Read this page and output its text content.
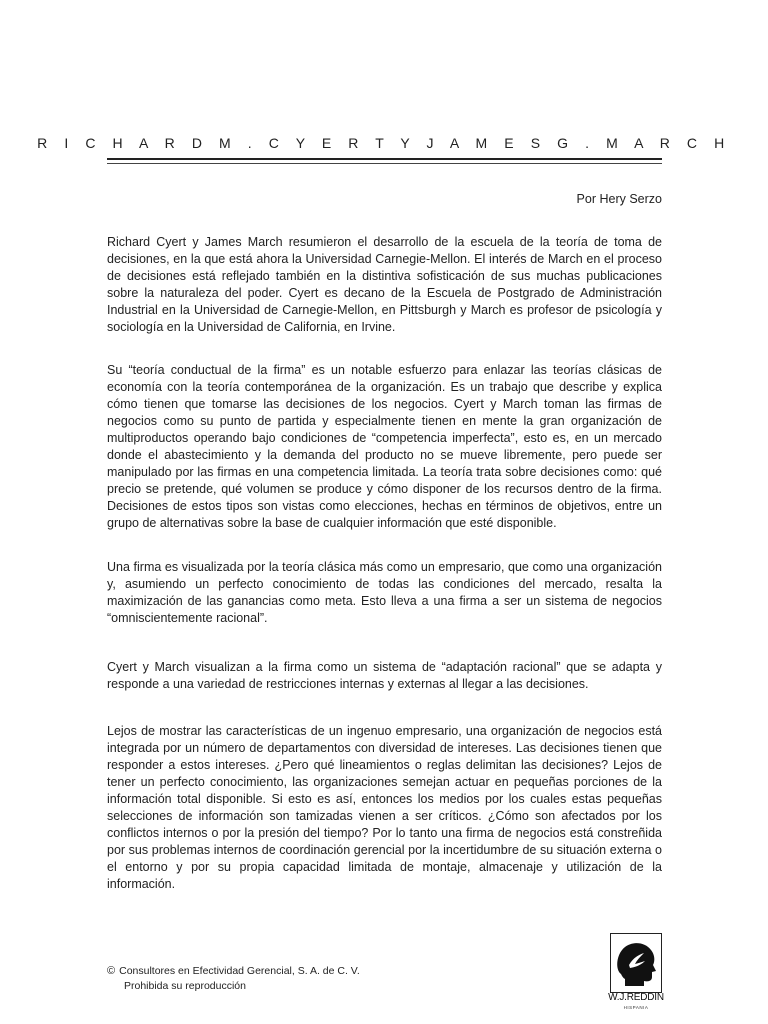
R I C H A R D M . C Y E R T Y J A M E S G . M A R C H
Por Hery Serzo

Richard Cyert y James March resumieron el desarrollo de la escuela de la teoría de toma de decisiones, en la que está ahora la Universidad Carnegie-Mellon. El interés de March en el proceso de decisiones está reflejado también en la distintiva sofisticación de sus muchas publicaciones sobre la naturaleza del poder. Cyert es decano de la Escuela de Postgrado de Administración Industrial en la Universidad de Carnegie-Mellon, en Pittsburgh y March es profesor de psicología y sociología en la Universidad de California, en Irvine.

Su “teoría conductual de la firma” es un notable esfuerzo para enlazar las teorías clásicas de economía con la teoría contemporánea de la organización. Es un trabajo que describe y explica cómo tienen que tomarse las decisiones de los negocios. Cyert y March toman las firmas de negocios como su punto de partida y especialmente tienen en mente la gran organización de multiproductos operando bajo condiciones de “competencia imperfecta”, esto es, en un mercado donde el abastecimiento y la demanda del producto no se mueve libremente, pero puede ser manipulado por las firmas en una competencia limitada. La teoría trata sobre decisiones como: qué precio se pretende, qué volumen se produce y cómo disponer de los recursos dentro de la firma. Decisiones de estos tipos son vistas como elecciones, hechas en términos de objetivos, entre un grupo de alternativas sobre la base de cualquier información que esté disponible.

Una firma es visualizada por la teoría clásica más como un empresario, que como una organización y, asumiendo un perfecto conocimiento de todas las condiciones del mercado, resalta la maximización de las ganancias como meta. Esto lleva a una firma a ser un sistema de negocios “omniscientemente racional”.

Cyert y March visualizan a la firma como un sistema de “adaptación racional” que se adapta y responde a una variedad de restricciones internas y externas al llegar a las decisiones.

Lejos de mostrar las características de un ingenuo empresario, una organización de negocios está integrada por un número de departamentos con diversidad de intereses. Las decisiones tienen que responder a estos intereses. ¿Pero qué lineamientos o reglas delimitan las decisiones? Lejos de tener un perfecto conocimiento, las organizaciones semejan actuar en pequeñas porciones de la información total disponible. Si esto es así, entonces los medios por los cuales estas pequeñas selecciones de información son tamizadas vienen a ser críticos. ¿Cómo son afectados por los conflictos internos o por la presión del tiempo? Por lo tanto una firma de negocios está constreñida por sus problemas internos de coordinación gerencial por la incertidumbre de su situación externa o el entorno y por su propia capacidad limitada de montaje, almacenaje y utilización de la información.

© Consultores en Efectividad Gerencial, S. A. de C. V.
Prohibida su reproducción
W.J.REDDIN
HISPANIA
